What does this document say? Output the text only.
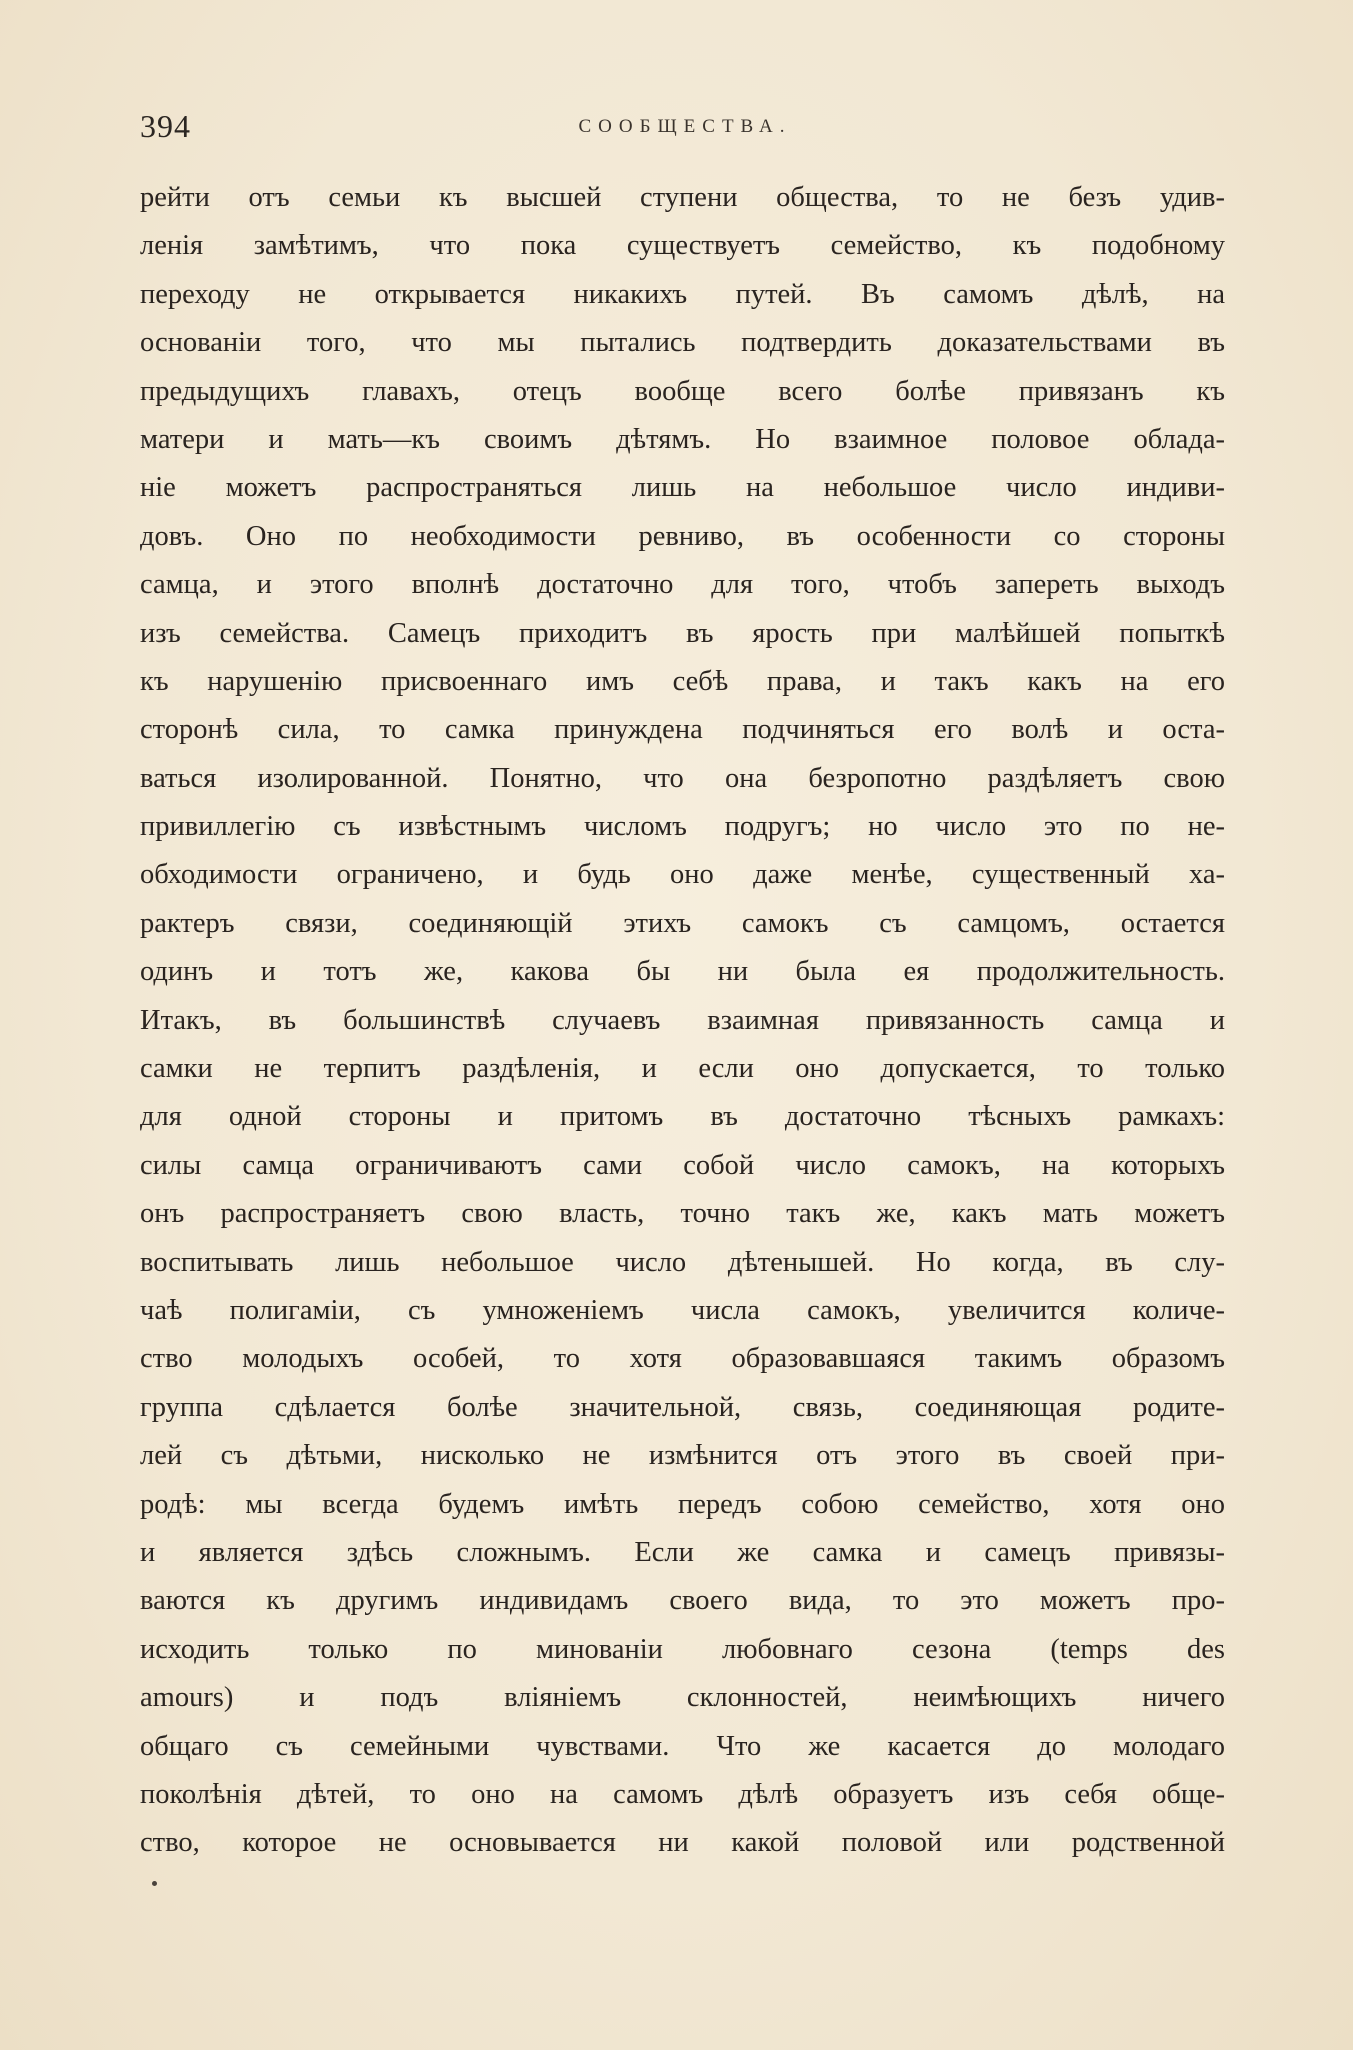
394	СООБЩЕСТВА.
рейти отъ семьи къ высшей ступени общества, то не безъ удив-
ленія замѣтимъ, что пока существуетъ семейство, къ подобному
переходу не открывается никакихъ путей. Въ самомъ дѣлѣ, на
основаніи того, что мы пытались подтвердить доказательствами въ
предыдущихъ главахъ, отецъ вообще всего болѣе привязанъ къ
матери и мать—къ своимъ дѣтямъ. Но взаимное половое облада-
ніе можетъ распространяться лишь на небольшое число индиви-
довъ. Оно по необходимости ревниво, въ особенности со стороны
самца, и этого вполнѣ достаточно для того, чтобъ запереть выходъ
изъ семейства. Самецъ приходитъ въ ярость при малѣйшей попыткѣ
къ нарушенію присвоеннаго имъ себѣ права, и такъ какъ на его
сторонѣ сила, то самка принуждена подчиняться его волѣ и оста-
ваться изолированной. Понятно, что она безропотно раздѣляетъ свою
привиллегію съ извѣстнымъ числомъ подругъ; но число это по не-
обходимости ограничено, и будь оно даже менѣе, существенный ха-
рактеръ связи, соединяющій этихъ самокъ съ самцомъ, остается
одинъ и тотъ же, какова бы ни была ея продолжительность.
Итакъ, въ большинствѣ случаевъ взаимная привязанность самца и
самки не терпитъ раздѣленія, и если оно допускается, то только
для одной стороны и притомъ въ достаточно тѣсныхъ рамкахъ:
силы самца ограничиваютъ сами собой число самокъ, на которыхъ
онъ распространяетъ свою власть, точно такъ же, какъ мать можетъ
воспитывать лишь небольшое число дѣтенышей. Но когда, въ слу-
чаѣ полигаміи, съ умноженіемъ числа самокъ, увеличится количе-
ство молодыхъ особей, то хотя образовавшаяся такимъ образомъ
группа сдѣлается болѣе значительной, связь, соединяющая родите-
лей съ дѣтьми, нисколько не измѣнится отъ этого въ своей при-
родѣ: мы всегда будемъ имѣть передъ собою семейство, хотя оно
и является здѣсь сложнымъ. Если же самка и самецъ привязы-
ваются къ другимъ индивидамъ своего вида, то это можетъ про-
исходить только по минованіи любовнаго сезона (temps des
amours) и подъ вліяніемъ склонностей, неимѣющихъ ничего
общаго съ семейными чувствами. Что же касается до молодаго
поколѣнія дѣтей, то оно на самомъ дѣлѣ образуетъ изъ себя обще-
ство, которое не основывается ни какой половой или родственной
